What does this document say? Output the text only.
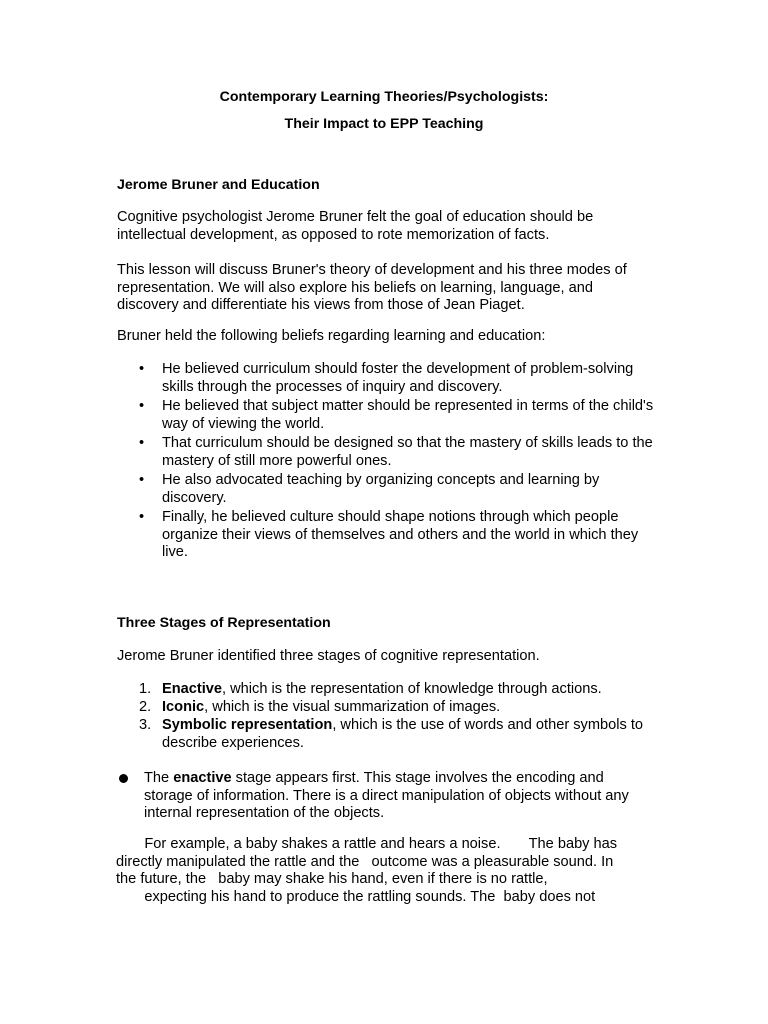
Contemporary Learning Theories/Psychologists:
Their Impact to EPP Teaching
Jerome Bruner and Education

Cognitive psychologist Jerome Bruner felt the goal of education should be intellectual development, as opposed to rote memorization of facts.

This lesson will discuss Bruner's theory of development and his three modes of representation. We will also explore his beliefs on learning, language, and discovery and differentiate his views from those of Jean Piaget.

Bruner held the following beliefs regarding learning and education:

• He believed curriculum should foster the development of problem-solving skills through the processes of inquiry and discovery.
• He believed that subject matter should be represented in terms of the child's way of viewing the world.
• That curriculum should be designed so that the mastery of skills leads to the mastery of still more powerful ones.
• He also advocated teaching by organizing concepts and learning by discovery.
• Finally, he believed culture should shape notions through which people organize their views of themselves and others and the world in which they live.
Three Stages of Representation

Jerome Bruner identified three stages of cognitive representation.

1. Enactive, which is the representation of knowledge through actions.
2. Iconic, which is the visual summarization of images.
3. Symbolic representation, which is the use of words and other symbols to describe experiences.

The enactive stage appears first. This stage involves the encoding and storage of information. There is a direct manipulation of objects without any internal representation of the objects.

For example, a baby shakes a rattle and hears a noise.       The baby has
directly manipulated the rattle and the   outcome was a pleasurable sound. In
the future, the   baby may shake his hand, even if there is no rattle,
expecting his hand to produce the rattling sounds. The  baby does not
